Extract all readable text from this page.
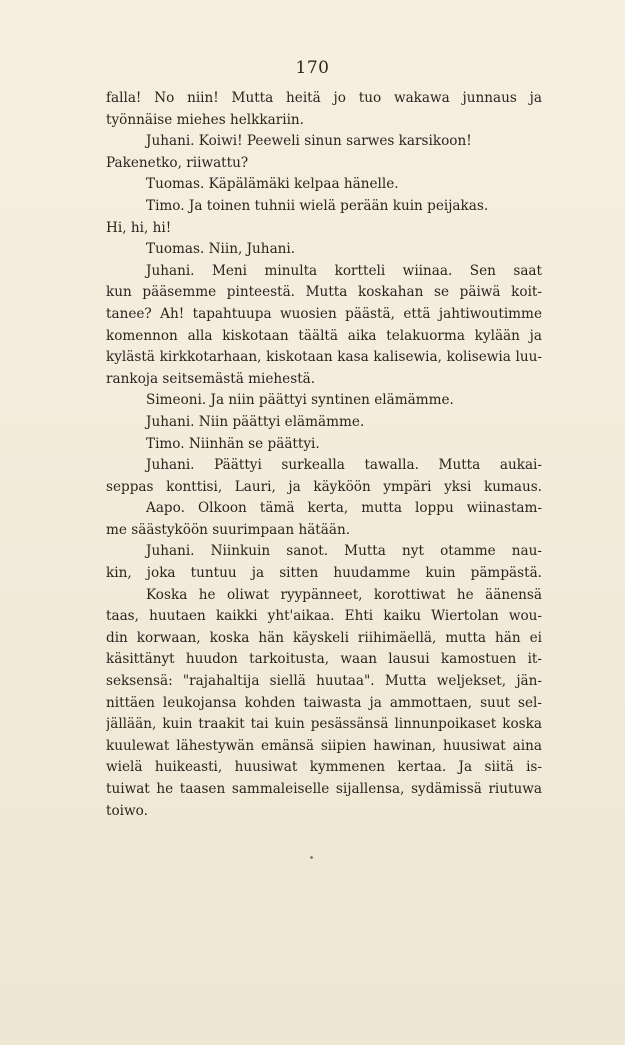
170
falla! No niin! Mutta heitä jo tuo wakawa junnaus ja
työnnäise miehes helkkariin.
Juhani. Koiwi! Peeweli sinun sarwes karsikoon!
Pakenetko, riiwattu?
Tuomas. Käpälämäki kelpaa hänelle.
Timo. Ja toinen tuhnii wielä perään kuin peijakas.
Hi, hi, hi!
Tuomas. Niin, Juhani.
Juhani. Meni minulta kortteli wiinaa. Sen saat
kun pääsemme pinteestä. Mutta koskahan se päiwä koit-
tanee? Ah! tapahtuupa wuosien päästä, että jahtiwoutimme
komennon alla kiskotaan täältä aika telakuorma kylään ja
kylästä kirkkotarhaan, kiskotaan kasa kalisewia, kolisewia luu-
rankoja seitsemästä miehestä.
Simeoni. Ja niin päättyi syntinen elämämme.
Juhani. Niin päättyi elämämme.
Timo. Niinhän se päättyi.
Juhani. Päättyi surkealla tawalla. Mutta aukai-
seppas konttisi, Lauri, ja käyköön ympäri yksi kumaus.
Aapo. Olkoon tämä kerta, mutta loppu wiinastam-
me säästyköön suurimpaan hätään.
Juhani. Niinkuin sanot. Mutta nyt otamme nau-
kin, joka tuntuu ja sitten huudamme kuin pämpästä.
Koska he oliwat ryypänneet, korottiwat he äänensä
taas, huutaen kaikki yht'aikaa. Ehti kaiku Wiertolan wou-
din korwaan, koska hän käyskeli riihimäellä, mutta hän ei
käsittänyt huudon tarkoitusta, waan lausui kamostuen it-
seksensä: "rajahaltija siellä huutaa". Mutta weljekset, jän-
nittäen leukojansa kohden taiwasta ja ammottaen, suut sel-
jällään, kuin traakit tai kuin pesässänsä linnunpoikaset koska
kuulewat lähestywän emänsä siipien hawinan, huusiwat aina
wielä huikeasti, huusiwat kymmenen kertaa. Ja siitä is-
tuiwat he taasen sammaleiselle sijallensa, sydämissä riutuwa
toiwo.
